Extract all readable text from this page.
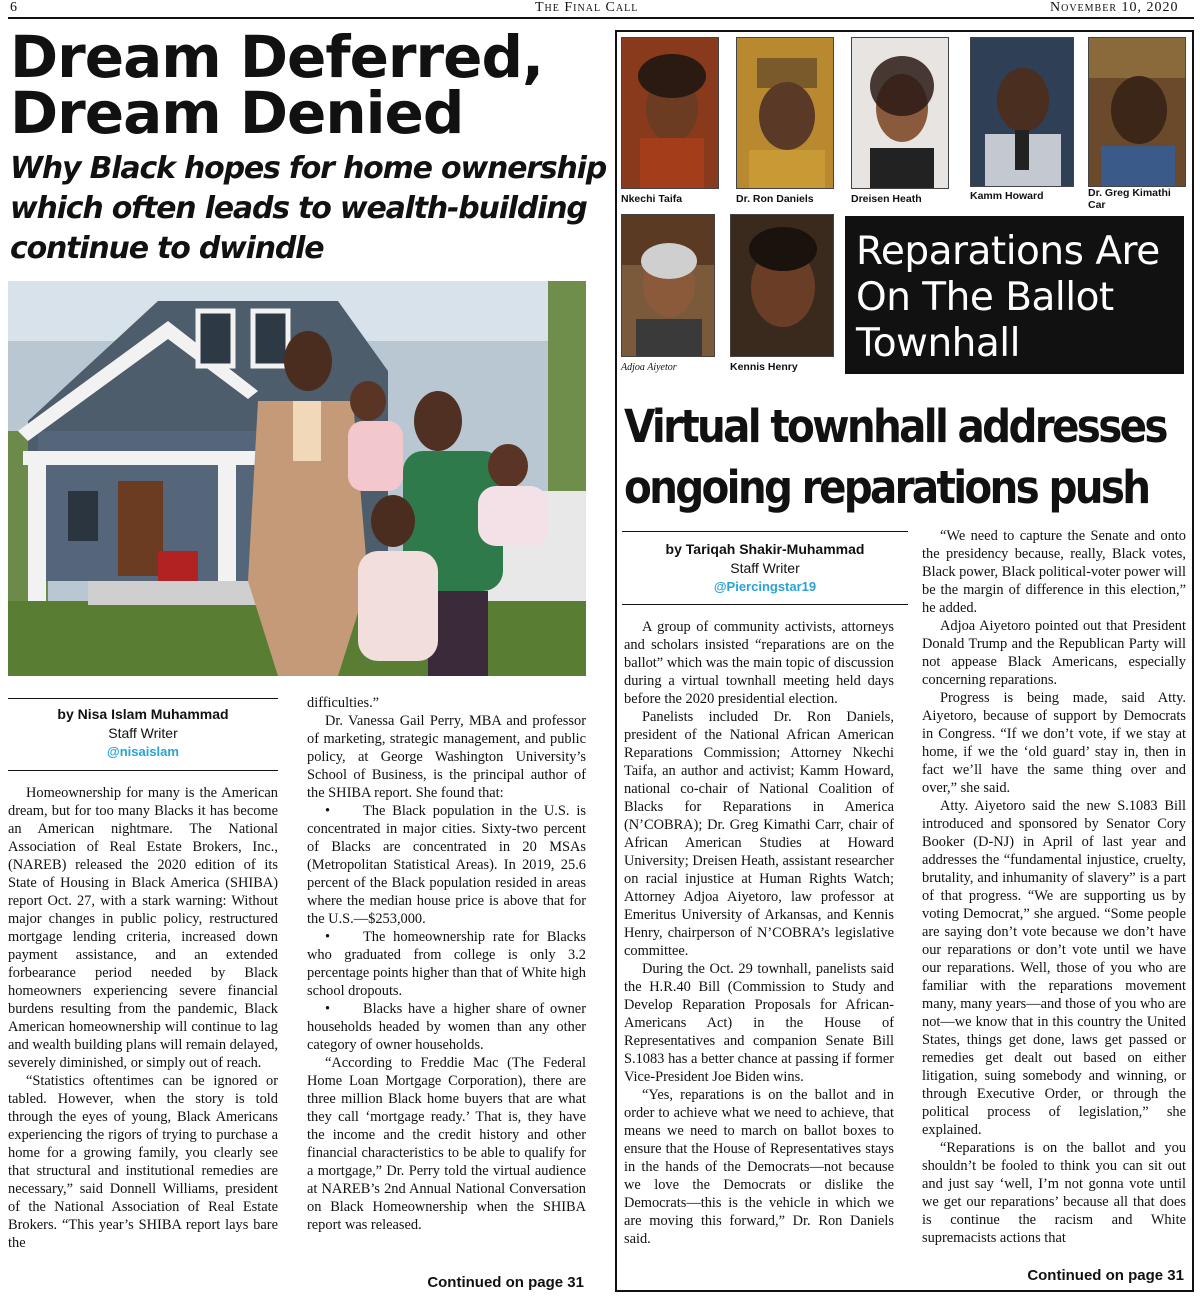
6	The Final Call	November 10, 2020
Dream Deferred,
Dream Denied
Why Black hopes for home ownership
which often leads to wealth-building
continue to dwindle
by Nisa Islam Muhammad
Staff Writer
@nisaislam

Homeownership for many is the American dream, but for too many Blacks it has become an American nightmare. The National Association of Real Estate Brokers, Inc., (NAREB) released the 2020 edition of its State of Housing in Black America (SHIBA) report Oct. 27, with a stark warning: Without major changes in public policy, restructured mortgage lending criteria, increased down payment assistance, and an extended forbearance period needed by Black homeowners experiencing severe financial burdens resulting from the pandemic, Black American homeownership will continue to lag and wealth building plans will remain delayed, severely diminished, or simply out of reach.

“Statistics oftentimes can be ignored or tabled. However, when the story is told through the eyes of young, Black Americans experiencing the rigors of trying to purchase a home for a growing family, you clearly see that structural and institutional remedies are necessary,” said Donnell Williams, president of the National Association of Real Estate Brokers. “This year’s SHIBA report lays bare the

difficulties.”

Dr. Vanessa Gail Perry, MBA and professor of marketing, strategic management, and public policy, at George Washington University’s School of Business, is the principal author of the SHIBA report. She found that:

• The Black population in the U.S. is concentrated in major cities. Sixty-two percent of Blacks are concentrated in 20 MSAs (Metropolitan Statistical Areas). In 2019, 25.6 percent of the Black population resided in areas where the median house price is above that for the U.S.—$253,000.

• The homeownership rate for Blacks who graduated from college is only 3.2 percentage points higher than that of White high school dropouts.

• Blacks have a higher share of owner households headed by women than any other category of owner households.

“According to Freddie Mac (The Federal Home Loan Mortgage Corporation), there are three million Black home buyers that are what they call ‘mortgage ready.’ That is, they have the income and the credit history and other financial characteristics to be able to qualify for a mortgage,” Dr. Perry told the virtual audience at NAREB’s 2nd Annual National Conversation on Black Homeownership when the SHIBA report was released.

Continued on page 31
Nkechi Taifa	Dr. Ron Daniels	Dreisen Heath	Kamm Howard	Dr. Greg Kimathi Car
Adjoa Aiyetor	Kennis Henry
Reparations Are
On The Ballot
Townhall
Virtual townhall addresses
ongoing reparations push
by Tariqah Shakir-Muhammad
Staff Writer
@Piercingstar19

A group of community activists, attorneys and scholars insisted “reparations are on the ballot” which was the main topic of discussion during a virtual townhall meeting held days before the 2020 presidential election.

Panelists included Dr. Ron Daniels, president of the National African American Reparations Commission; Attorney Nkechi Taifa, an author and activist; Kamm Howard, national co-chair of National Coalition of Blacks for Reparations in America (N’COBRA); Dr. Greg Kimathi Carr, chair of African American Studies at Howard University; Dreisen Heath, assistant researcher on racial injustice at Human Rights Watch; Attorney Adjoa Aiyetoro, law professor at Emeritus University of Arkansas, and Kennis Henry, chairperson of N’COBRA’s legislative committee.

During the Oct. 29 townhall, panelists said the H.R.40 Bill (Commission to Study and Develop Reparation Proposals for African-Americans Act) in the House of Representatives and companion Senate Bill S.1083 has a better chance at passing if former Vice-President Joe Biden wins.

“Yes, reparations is on the ballot and in order to achieve what we need to achieve, that means we need to march on ballot boxes to ensure that the House of Representatives stays in the hands of the Democrats—not because we love the Democrats or dislike the Democrats—this is the vehicle in which we are moving this forward,” Dr. Ron Daniels said.

“We need to capture the Senate and onto the presidency because, really, Black votes, Black power, Black political-voter power will be the margin of difference in this election,” he added.

Adjoa Aiyetoro pointed out that President Donald Trump and the Republican Party will not appease Black Americans, especially concerning reparations.

Progress is being made, said Atty. Aiyetoro, because of support by Democrats in Congress. “If we don’t vote, if we stay at home, if we the ‘old guard’ stay in, then in fact we’ll have the same thing over and over,” she said.

Atty. Aiyetoro said the new S.1083 Bill introduced and sponsored by Senator Cory Booker (D-NJ) in April of last year and addresses the “fundamental injustice, cruelty, brutality, and inhumanity of slavery” is a part of that progress. “We are supporting us by voting Democrat,” she argued. “Some people are saying don’t vote because we don’t have our reparations or don’t vote until we have our reparations. Well, those of you who are familiar with the reparations movement many, many years—and those of you who are not—we know that in this country the United States, things get done, laws get passed or remedies get dealt out based on either litigation, suing somebody and winning, or through Executive Order, or through the political process of legislation,” she explained.

“Reparations is on the ballot and you shouldn’t be fooled to think you can sit out and just say ‘well, I’m not gonna vote until we get our reparations’ because all that does is continue the racism and White supremacists actions that

Continued on page 31
